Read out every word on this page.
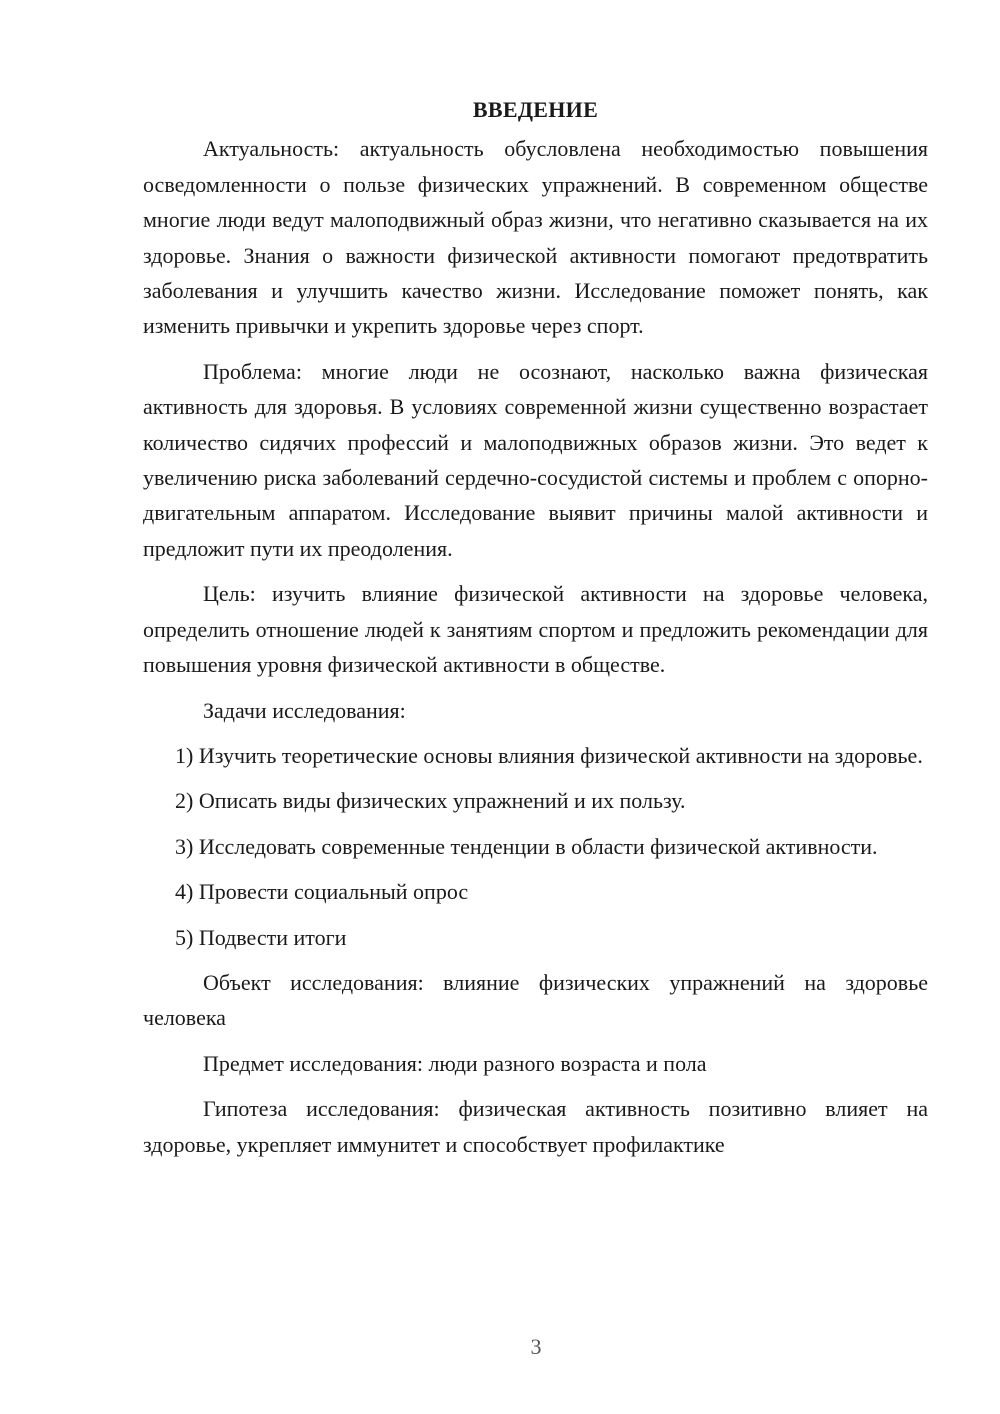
ВВЕДЕНИЕ

Актуальность: актуальность обусловлена необходимостью повышения осведомленности о пользе физических упражнений. В современном обществе многие люди ведут малоподвижный образ жизни, что негативно сказывается на их здоровье. Знания о важности физической активности помогают предотвратить заболевания и улучшить качество жизни. Исследование поможет понять, как изменить привычки и укрепить здоровье через спорт.

Проблема: многие люди не осознают, насколько важна физическая активность для здоровья. В условиях современной жизни существенно возрастает количество сидячих профессий и малоподвижных образов жизни. Это ведет к увеличению риска заболеваний сердечно-сосудистой системы и проблем с опорно-двигательным аппаратом. Исследование выявит причины малой активности и предложит пути их преодоления.

Цель: изучить влияние физической активности на здоровье человека, определить отношение людей к занятиям спортом и предложить рекомендации для повышения уровня физической активности в обществе.

Задачи исследования:

1) Изучить теоретические основы влияния физической активности на здоровье.

2) Описать виды физических упражнений и их пользу.

3) Исследовать современные тенденции в области физической активности.

4) Провести социальный опрос

5) Подвести итоги

Объект исследования: влияние физических упражнений на здоровье человека

Предмет исследования: люди разного возраста и пола

Гипотеза исследования: физическая активность позитивно влияет на здоровье, укрепляет иммунитет и способствует профилактике

3
